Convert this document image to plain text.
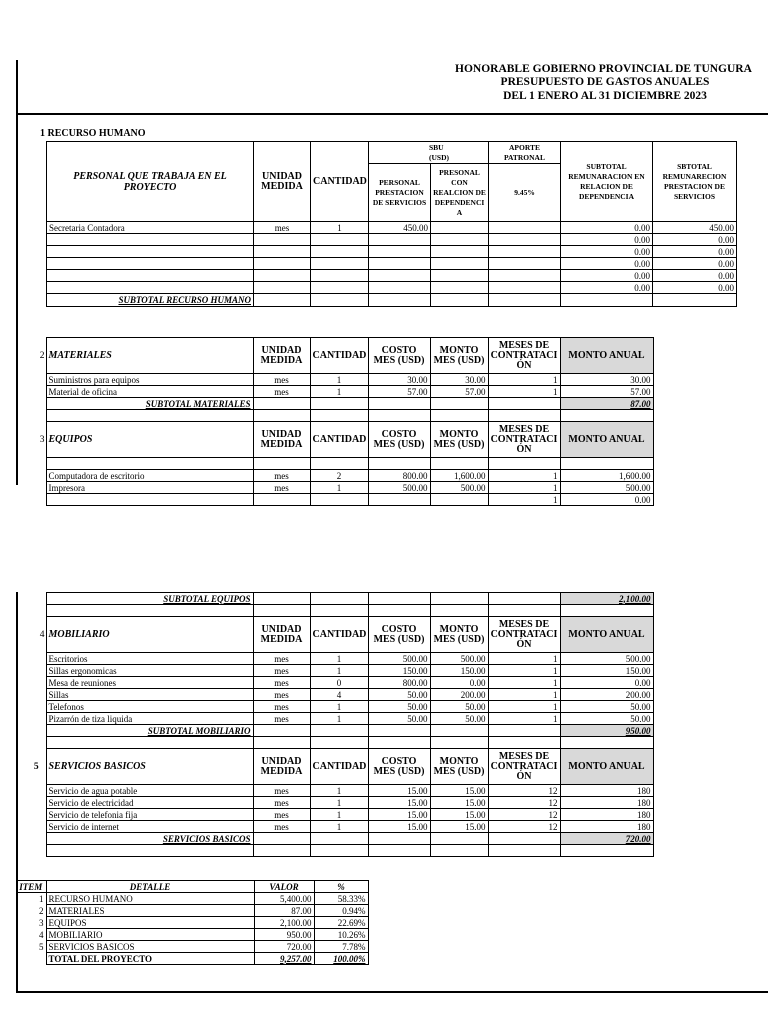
HONORABLE GOBIERNO PROVINCIAL DE TUNGURA
PRESUPUESTO DE GASTOS ANUALES
DEL 1 ENERO AL 31 DICIEMBRE 2023
1 RECURSO HUMANO
PERSONAL QUE TRABAJA EN EL PROYECTO	UNIDAD MEDIDA	CANTIDAD	SBU (USD)		APORTE PATRONAL	SUBTOTAL REMUNARACION EN RELACION DE DEPENDENCIA	SBTOTAL REMUNARECION PRESTACION DE SERVICIOS
			PERSONAL PRESTACION DE SERVICIOS	PRESONAL CON REALCION DE DEPENDENCI A	9.45%		
Secretaria Contadora	mes	1	450.00			0.00	450.00
						0.00	0.00
						0.00	0.00
						0.00	0.00
						0.00	0.00
						0.00	0.00
SUBTOTAL RECURSO HUMANO							
2	MATERIALES	UNIDAD MEDIDA	CANTIDAD	COSTO MES (USD)	MONTO MES (USD)	MESES DE CONTRATACI ÓN	MONTO ANUAL
	Suministros para equipos	mes	1	30.00	30.00	1	30.00
	Material de oficina	mes	1	57.00	57.00	1	57.00
	SUBTOTAL MATERIALES						87.00

3	EQUIPOS	UNIDAD MEDIDA	CANTIDAD	COSTO MES (USD)	MONTO MES (USD)	MESES DE CONTRATACI ÓN	MONTO ANUAL

	Computadora de escritorio	mes	2	800.00	1,600.00	1	1,600.00
	Impresora	mes	1	500.00	500.00	1	500.00
						1	0.00
	SUBTOTAL EQUIPOS						2,100.00

4	MOBILIARIO	UNIDAD MEDIDA	CANTIDAD	COSTO MES (USD)	MONTO MES (USD)	MESES DE CONTRATACI ÓN	MONTO ANUAL
	Escritorios	mes	1	500.00	500.00	1	500.00
	Sillas ergonomicas	mes	1	150.00	150.00	1	150.00
	Mesa de reuniones	mes	0	800.00	0.00	1	0.00
	Sillas	mes	4	50.00	200.00	1	200.00
	Telefonos	mes	1	50.00	50.00	1	50.00
	Pizarrón de tiza liquida	mes	1	50.00	50.00	1	50.00
	SUBTOTAL MOBILIARIO						950.00

5	SERVICIOS BASICOS	UNIDAD MEDIDA	CANTIDAD	COSTO MES (USD)	MONTO MES (USD)	MESES DE CONTRATACI ÓN	MONTO ANUAL
	Servicio de agua potable	mes	1	15.00	15.00	12	180
	Servicio de electricidad	mes	1	15.00	15.00	12	180
	Servicio de telefonia fija	mes	1	15.00	15.00	12	180
	Servicio de internet	mes	1	15.00	15.00	12	180
	SERVICIOS BASICOS						720.00

ITEM	DETALLE	VALOR	%
1	RECURSO HUMANO	5,400.00	58.33%
2	MATERIALES	87.00	0.94%
3	EQUIPOS	2,100.00	22.69%
4	MOBILIARIO	950.00	10.26%
5	SERVICIOS BASICOS	720.00	7.78%
	TOTAL DEL PROYECTO	9,257.00	100.00%
